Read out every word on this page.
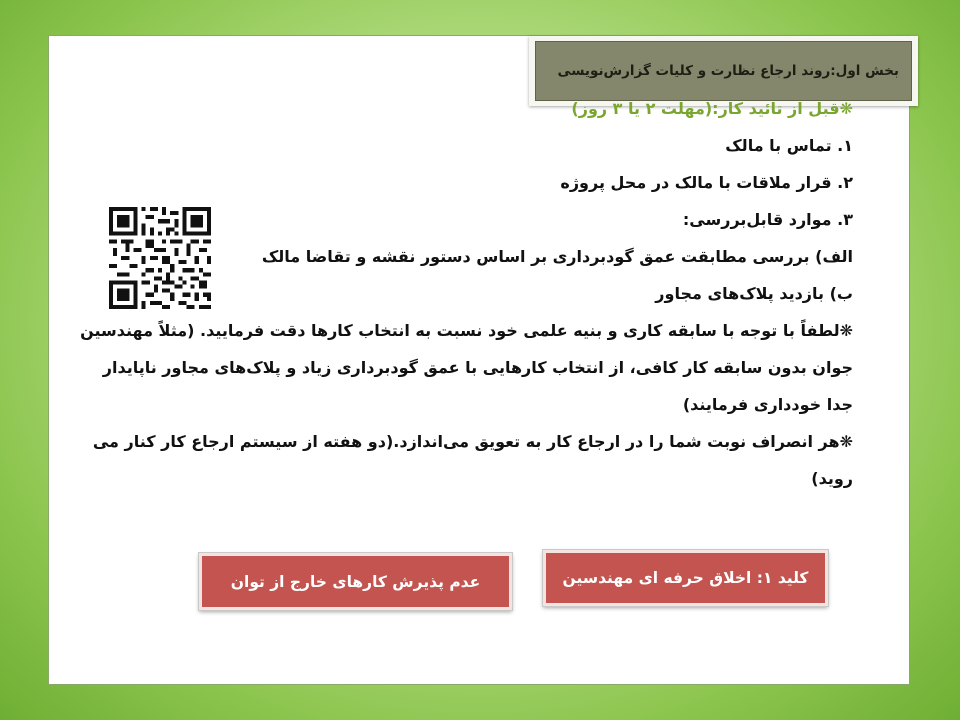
بخش اول:روند ارجاع نظارت و کلیات گزارش‌نویسی
❋قبل از تائید کار:(مهلت ۲ یا ۳ روز)
۱. تماس با مالک
۲. قرار ملاقات با مالک در محل پروژه
۳. موارد قابل‌بررسی:
الف) بررسی مطابقت عمق گودبرداری بر اساس دستور نقشه و تقاضا مالک
ب) بازدید پلاک‌های مجاور
❋لطفاً با توجه با سابقه کاری و بنیه علمی خود نسبت به انتخاب کارها دقت فرمایید. (مثلاً مهندسین
جوان بدون سابقه کار کافی، از انتخاب کارهایی با عمق گودبرداری زیاد و پلاک‌های مجاور ناپایدار
جدا خودداری فرمایند)
❋هر انصراف نوبت شما را در ارجاع کار به تعویق می‌اندازد.(دو هفته از سیستم ارجاع کار کنار می
روید)
کلید ۱: اخلاق حرفه ای مهندسین
عدم پذیرش کارهای خارج از توان
